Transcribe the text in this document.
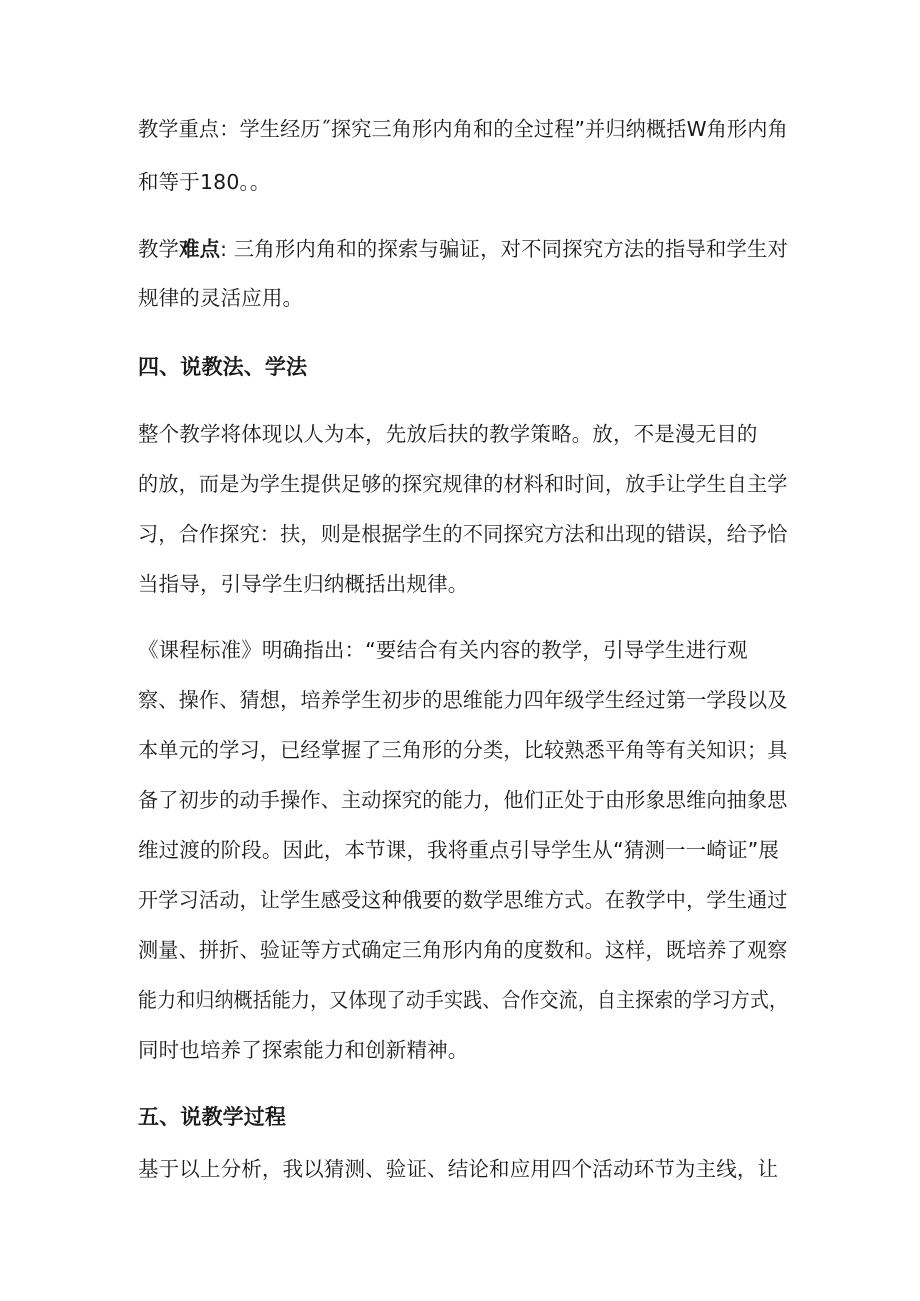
教学重点：学生经历˝探究三角形内角和的全过程”并归纳概括W角形内角
和等于180。。
教学难点: 三角形内角和的探索与骗证，对不同探究方法的指导和学生对
规律的灵活应用。
四、说教法、学法
整个教学将体现以人为本，先放后扶的教学策略。放，不是漫无目的
的放，而是为学生提供足够的探究规律的材料和时间，放手让学生自主学
习，合作探究：扶，则是根据学生的不同探究方法和出现的错误，给予恰
当指导，引导学生归纳概括出规律。
《课程标准》明确指出：“要结合有关内容的教学，引导学生进行观
察、操作、猜想，培养学生初步的思维能力四年级学生经过第一学段以及
本单元的学习，已经掌握了三角形的分类，比较熟悉平角等有关知识；具
备了初步的动手操作、主动探究的能力，他们正处于由形象思维向抽象思
维过渡的阶段。因此，本节课，我将重点引导学生从“猜测一一崎证”展
开学习活动，让学生感受这种俄要的数学思维方式。在教学中，学生通过
测量、拼折、验证等方式确定三角形内角的度数和。这样，既培养了观察
能力和归纳概括能力，又体现了动手实践、合作交流，自主探索的学习方式，
同时也培养了探索能力和创新精神。
五、说教学过程
基于以上分析，我以猜测、验证、结论和应用四个活动环节为主线，让
